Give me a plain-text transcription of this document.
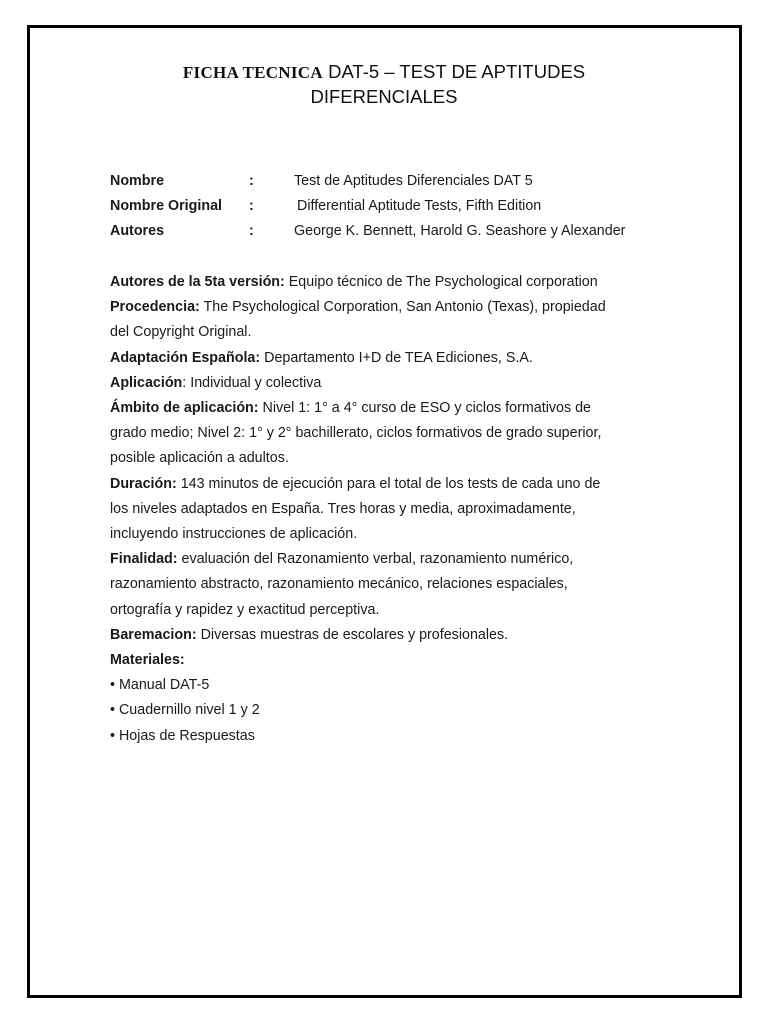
FICHA TECNICA DAT-5 – TEST DE APTITUDES
DIFERENCIALES
Nombre	:	Test de Aptitudes Diferenciales DAT 5
Nombre Original :	Differential Aptitude Tests, Fifth Edition
Autores	:	George K. Bennett, Harold G. Seashore y Alexander

Autores de la 5ta versión: Equipo técnico de The Psychological corporation

Procedencia: The Psychological Corporation, San Antonio (Texas), propiedad
del Copyright Original.

Adaptación Española: Departamento I+D de TEA Ediciones, S.A.

Aplicación: Individual y colectiva

Ámbito de aplicación: Nivel 1: 1° a 4° curso de ESO y ciclos formativos de
grado medio; Nivel 2: 1° y 2° bachillerato, ciclos formativos de grado superior,
posible aplicación a adultos.

Duración: 143 minutos de ejecución para el total de los tests de cada uno de
los niveles adaptados en España. Tres horas y media, aproximadamente,
incluyendo instrucciones de aplicación.

Finalidad: evaluación del Razonamiento verbal, razonamiento numérico,
razonamiento abstracto, razonamiento mecánico, relaciones espaciales,
ortografía y rapidez y exactitud perceptiva.

Baremacion: Diversas muestras de escolares y profesionales.

Materiales:

• Manual DAT-5
• Cuadernillo nivel 1 y 2
• Hojas de Respuestas
